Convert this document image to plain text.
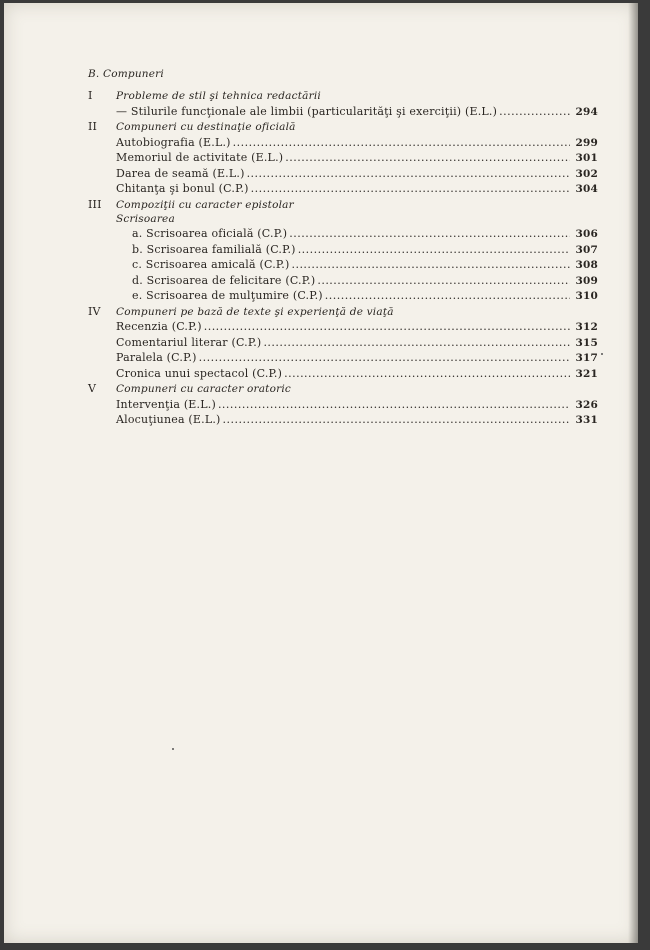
B. Compuneri
I	Probleme de stil şi tehnica redactării
— Stilurile funcţionale ale limbii (particularităţi şi exerciţii) (E.L.) . . .	294
II	Compuneri cu destinaţie oficială
Autobiografia (E.L.) . . .	299
Memoriul de activitate (E.L.) . . .	301
Darea de seamă (E.L.) . . .	302
Chitanţa şi bonul (C.P.) . . .	304
III	Compoziţii cu caracter epistolar
Scrisoarea
a. Scrisoarea oficială (C.P.) . . .	306
b. Scrisoarea familială (C.P.) . . .	307
c. Scrisoarea amicală (C.P.) . . .	308
d. Scrisoarea de felicitare (C.P.) . . .	309
e. Scrisoarea de mulţumire (C.P.) . . .	310
IV	Compuneri pe bază de texte şi experienţă de viaţă
Recenzia (C.P.) . . .	312
Comentariul literar (C.P.) . . .	315
Paralela (C.P.) . . .	317
Cronica unui spectacol (C.P.) . . .	321
V	Compuneri cu caracter oratoric
Intervenţia (E.L.) . . .	326
Alocuţiunea (E.L.) . . .	331
